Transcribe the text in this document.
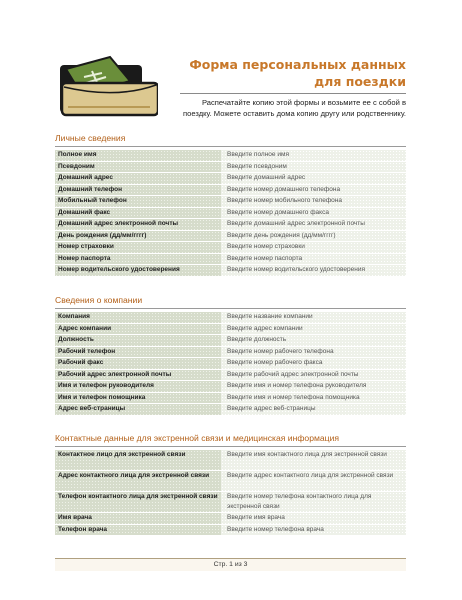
Форма персональных данных для поездки
Распечатайте копию этой формы и возьмите ее с собой в поездку. Можете оставить дома копию другу или родственнику.
Личные сведения
Полное имя	Введите полное имя
Псевдоним	Введите псевдоним
Домашний адрес	Введите домашний адрес
Домашний телефон	Введите номер домашнего телефона
Мобильный телефон	Введите номер мобильного телефона
Домашний факс	Введите номер домашнего факса
Домашний адрес электронной почты	Введите домашний адрес электронной почты
День рождения (дд/мм/гггг)	Введите день рождения (дд/мм/гггг)
Номер страховки	Введите номер страховки
Номер паспорта	Введите номер паспорта
Номер водительского удостоверения	Введите номер водительского удостоверения
Сведения о компании
Компания	Введите название компании
Адрес компании	Введите адрес компании
Должность	Введите должность
Рабочий телефон	Введите номер рабочего телефона
Рабочий факс	Введите номер рабочего факса
Рабочий адрес электронной почты	Введите рабочий адрес электронной почты
Имя и телефон руководителя	Введите имя и номер телефона руководителя
Имя и телефон помощника	Введите имя и номер телефона помощника
Адрес веб-страницы	Введите адрес веб-страницы
Контактные данные для экстренной связи и медицинская информация
Контактное лицо для экстренной связи	Введите имя контактного лица для экстренной связи
Адрес контактного лица для экстренной связи	Введите адрес контактного лица для экстренной связи
Телефон контактного лица для экстренной связи	Введите номер телефона контактного лица для экстренной связи
Имя врача	Введите имя врача
Телефон врача	Введите номер телефона врача
Стр. 1 из 3
